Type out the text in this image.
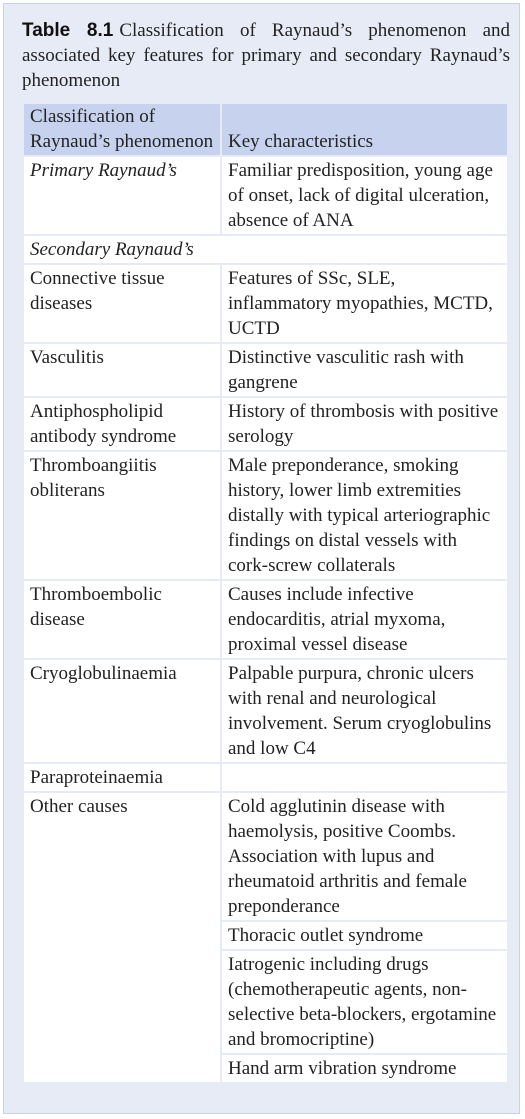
Table 8.1 Classification of Raynaud’s phenomenon and associated key features for primary and secondary Raynaud’s phenomenon
Classification of Raynaud’s phenomenon	Key characteristics
Primary Raynaud’s	Familiar predisposition, young age of onset, lack of digital ulceration, absence of ANA
Secondary Raynaud’s	
Connective tissue diseases	Features of SSc, SLE, inflammatory myopathies, MCTD, UCTD
Vasculitis	Distinctive vasculitic rash with gangrene
Antiphospholipid antibody syndrome	History of thrombosis with positive serology
Thromboangiitis obliterans	Male preponderance, smoking history, lower limb extremities distally with typical arteriographic findings on distal vessels with cork-screw collaterals
Thromboembolic disease	Causes include infective endocarditis, atrial myxoma, proximal vessel disease
Cryoglobulinaemia	Palpable purpura, chronic ulcers with renal and neurological involvement. Serum cryoglobulins and low C4
Paraproteinaemia	
Other causes	Cold agglutinin disease with haemolysis, positive Coombs. Association with lupus and rheumatoid arthritis and female preponderance
	Thoracic outlet syndrome
	Iatrogenic including drugs (chemotherapeutic agents, non-selective beta-blockers, ergotamine and bromocriptine)
	Hand arm vibration syndrome
